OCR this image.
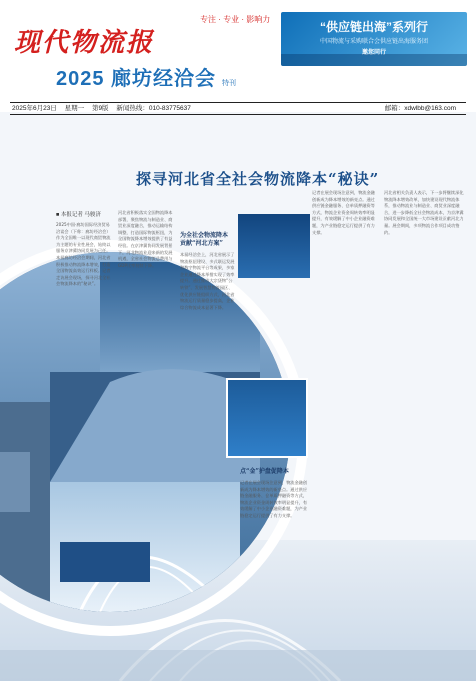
现代物流报
专注 · 专业 · 影响力
2025 廊坊经洽会 特刊
“供应链出海”系列行
中国物流与采购联合会供应链出海服务团
邀您同行
2025年6月23日 星期一 第9版 新闻热线：010-83775637	邮箱：xdwlbb@163.com
探寻河北省全社会物流降本“秘诀”
■ 本报记者 马骏济
2025中国·廊坊国际经济贸易洽谈会（下称：廊坊经洽会）作为全国唯一以现代商贸物流为主题的专业性展会，始终以服务京津冀协同发展为己任。本届廊坊经洽会期间，河北省积极推动物流降本增效，打造全国物流高效运行样板。记者走访展会现场，探寻河北全社会物流降本的“秘诀”。
河北省积极落实全国物流降本部署，聚焦物流与制造业、商贸业深度融合，推动运输结构调整，打造国际物流枢纽，为全国物流降本增效提供了有益经验。在京津冀协同发展背景下，河北物流业迎来新的发展机遇，全省社会物流总费用与GDP比率持续下降。
为全社会物流降本贡献“河北方案”
本届经洽会上，河北省展示了物流枢纽建设、多式联运发展和数字物流平台等成果，多家企业通过降本举措实现了效率提升。通过推动大宗货物“公转铁”、发展智慧物流园区、优化供应链组织方式，河北省物流运行质量稳步提高，企业综合物流成本显著下降。
记者在展会现场注意到，物流金融创新成为降本增效的新亮点。通过供应链金融服务、仓单质押融资等方式，物流企业资金周转效率明显提升，有效缓解了中小企业融资难题，为产业链稳定运行提供了有力支撑。
河北省相关负责人表示，下一步将继续深化物流降本增效改革，加快建设现代物流体系，推动物流业与制造业、商贸业深度融合，进一步降低全社会物流成本，为京津冀协同发展和全国统一大市场建设贡献河北力量。展会期间，多项物流合作项目成功签约。
点“金”护盘促降本
记者在展会现场注意到，物流金融创新成为降本增效的新亮点。通过供应链金融服务、仓单质押融资等方式，物流企业资金周转效率明显提升，有效缓解了中小企业融资难题，为产业链稳定运行提供了有力支撑。
